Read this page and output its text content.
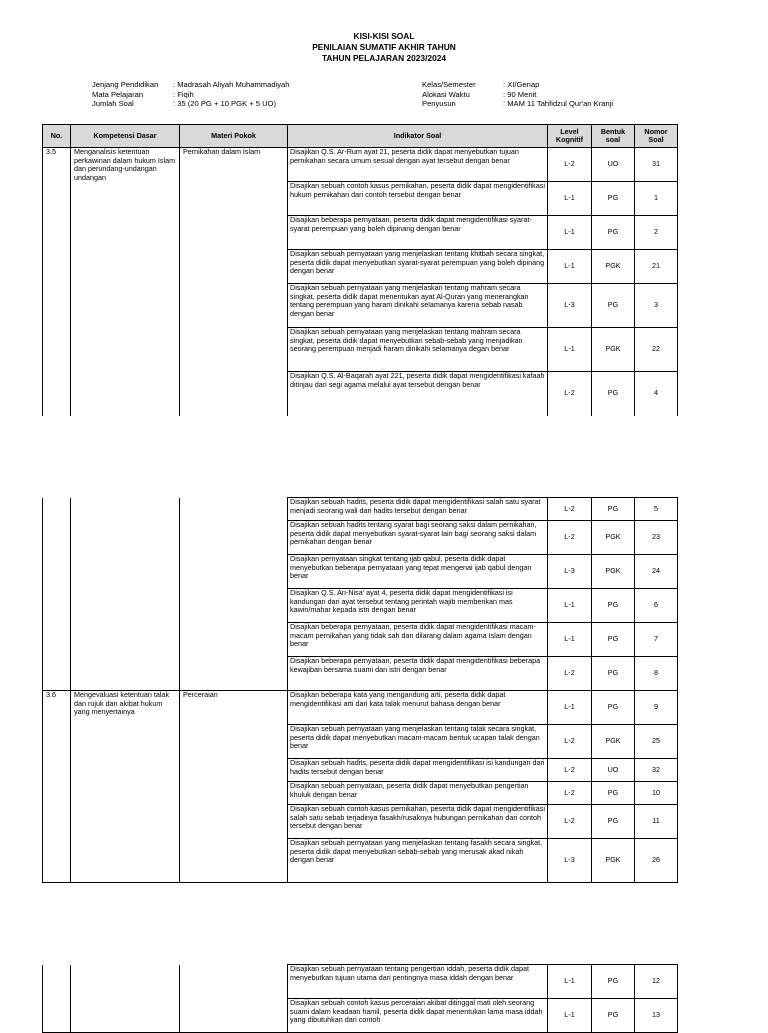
KISI-KISI SOAL
PENILAIAN SUMATIF AKHIR TAHUN
TAHUN PELAJARAN 2023/2024
Jenjang Pendidikan : Madrasah Aliyah Muhammadiyah
Mata Pelajaran	: Fiqih
Jumlah Soal	: 35 (20 PG + 10 PGK + 5 UO)
Kelas/Semester	: XI/Genap
Alokasi Waktu	: 90 Menit
Penyusun	: MAM 11 Tahfidzul Qur'an Kranji
No.	Kompetensi Dasar	Materi Pokok	Indikator Soal	Level Kognitif	Bentuk soal	Nomor Soal
3.5	Menganalisis ketentuan perkawinan dalam hukum Islam dan perundang-undangan undangan	Pernikahan dalam Islam	Disajikan Q.S. Ar-Rum ayat 21, peserta didik dapat menyebutkan tujuan pernikahan secara umum sesual dengan ayat tersebut dengan benar	L-2	UO	31
			Disajikan sebuah contoh kasus pernikahan, peserta didik dapat mengidentifikasi hukum pernikahan dari contoh tersebut dengan benar	L-1	PG	1
			Disajikan beberapa pernyataan, peserta didik dapat mengidentifikasi syarat-syarat perempuan yang boleh dipinang dengan benar	L-1	PG	2
			Disajikan sebuah pernyataan yang menjelaskan tentang khitbah secara singkat, peserta didik dapat menyebutkan syarat-syarat perempuan yang boleh dipinang dengan benar	L-1	PGK	21
			Disajikan sebuah pernyataan yang menjelaskan tentang mahram secara singkat, peserta didik dapat menentukan ayat Al-Quran yang menerangkan tentang perempuan yang haram dinikahi selamanya karena sebab nasab dengan benar	L-3	PG	3
			Disajikan sebuah pernyataan yang menjelaskan tentang mahram secara singkat, peserta didik dapat menyebutkan sebab-sebab yang menjadikan seorang perempuan menjadi haram dinikahi selamanya degan benar	L-1	PGK	22
			Disajikan Q.S. Al-Baqarah ayat 221, peserta didik dapat mengidentifikasi kafaah ditinjau dari segi agama melalui ayat tersebut dengan benar	L-2	PG	4
			Disajikan sebuah hadits, peserta didik dapat mengidentifikasi salah satu syarat menjadi seorang wali dari hadits tersebut dengan benar	L-2	PG	5
			Disajikan sebuah hadits tentang syarat bagi seorang saksi dalam pernikahan, peserta didik dapat menyebutkan syarat-syarat lain bagi seorang saksi dalam pernikahan dengan benar	L-2	PGK	23
			Disajikan pernyataan singkat tentang ijab qabul, peserta didik dapat menyebutkan beberapa pernyataan yang tepat mengenai ijab qabul dengan benar	L-3	PGK	24
			Disajikan Q.S. An-Nisa' ayat 4, peserta didik dapat mengidentifikasi isi kandungan dari ayat tersebut tentang perintah wajib memberikan mas kawin/mahar kepada istri dengan benar	L-1	PG	6
			Disajikan beberapa pernyataan, peserta didik dapat mengidentifikasi macam-macam pernikahan yang tidak sah dan dilarang dalam agama Islam dengan benar	L-1	PG	7
			Disajikan beberapa pernyataan, peserta didik dapat mengidentifikasi beberapa kewajiban bersama suami dan istri dengan benar	L-2	PG	8
3.6	Mengevaluasi ketentuan talak dan rujuk dan akibat hukum yang menyertainya	Perceraian	Disajikan beberapa kata yang mengandung arti, peserta didik dapat mengidentifikasi arti dari kata talak menurut bahasa dengan benar	L-1	PG	9
			Disajikan sebuah pernyataan yang menjelaskan tentang talak secara singkat, peserta didik dapat menyebutkan macam-macam bentuk ucapan talak dengan benar	L-2	PGK	25
			Disajikan sebuah hadits, peserta didik dapat mengidentifikasi isi kandungan dari hadits tersebut dengan benar	L-2	UO	32
			Disajikan sebuah pernyataan, peserta didik dapat menyebutkan pengertian khuluk dengan benar	L-2	PG	10
			Disajikan sebuah contoh kasus pernikahan, peserta didik dapat mengidentifikasi salah satu sebab terjadinya fasakh/rusaknya hubungan pernikahan dari contoh tersebut dengan benar	L-2	PG	11
			Disajikan sebuah pernyataan yang menjelaskan tentang fasakh secara singkat, peserta didik dapat menyebutkan sebab-sebab yang merusak akad nikah dengan benar	L-3	PGK	26
			Disajikan sebuah pernyataan tentang pengertian iddah, peserta didik dapat menyebutkan tujuan utama dari pentingnya masa iddah dengan benar	L-1	PG	12
			Disajikan sebuah contoh kasus perceraian akibat ditinggal mati oleh seorang suami dalam keadaan hamil, peserta didik dapat menentukan lama masa iddah yang dibutuhkan dari contoh	L-1	PG	13
